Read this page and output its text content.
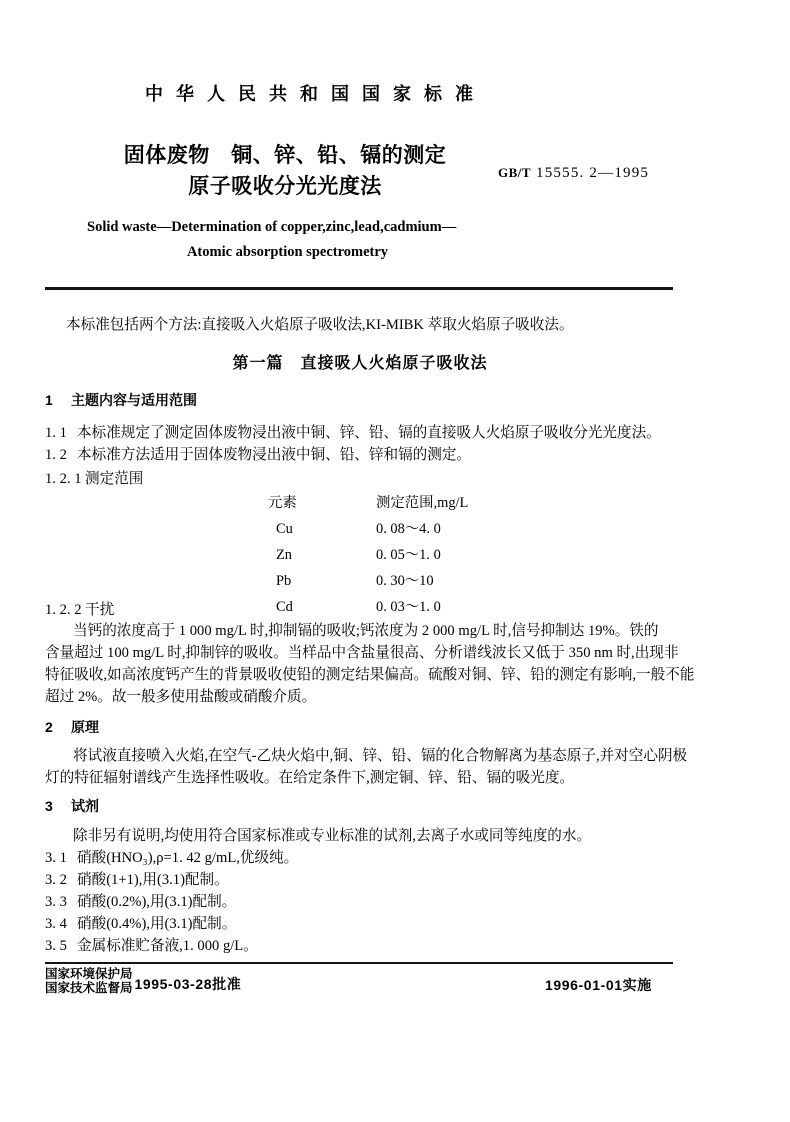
中 华 人 民 共 和 国 国 家 标 准
固体废物　铜、锌、铅、镉的测定
原子吸收分光光度法
GB/T 15555. 2—1995
Solid waste—Determination of copper,zinc,lead,cadmium—
Atomic absorption spectrometry
本标准包括两个方法:直接吸入火焰原子吸收法,KI-MIBK 萃取火焰原子吸收法。
第一篇　直接吸人火焰原子吸收法
1 主题内容与适用范围
1. 1 本标准规定了测定固体废物浸出液中铜、锌、铅、镉的直接吸人火焰原子吸收分光光度法。
1. 2 本标准方法适用于固体废物浸出液中铜、铅、锌和镉的测定。
1. 2. 1 测定范围
元素	测定范围,mg/L
Cu	0. 08～4. 0
Zn	0. 05～1. 0
Pb	0. 30～10
Cd	0. 03～1. 0
1. 2. 2 干扰
当钙的浓度高于 1 000 mg/L 时,抑制镉的吸收;钙浓度为 2 000 mg/L 时,信号抑制达 19%。铁的
含量超过 100 mg/L 时,抑制锌的吸收。当样品中含盐量很高、分析谱线波长又低于 350 nm 时,出现非
特征吸收,如高浓度钙产生的背景吸收使铅的测定结果偏高。硫酸对铜、锌、铅的测定有影响,一般不能
超过 2%。故一般多使用盐酸或硝酸介质。
2 原理
将试液直接喷入火焰,在空气-乙炔火焰中,铜、锌、铅、镉的化合物解离为基态原子,并对空心阴极
灯的特征辐射谱线产生选择性吸收。在给定条件下,测定铜、锌、铅、镉的吸光度。
3 试剂
除非另有说明,均使用符合国家标准或专业标准的试剂,去离子水或同等纯度的水。
3. 1 硝酸(HNO₃),ρ=1. 42 g/mL,优级纯。
3. 2 硝酸(1+1),用(3.1)配制。
3. 3 硝酸(0.2%),用(3.1)配制。
3. 4 硝酸(0.4%),用(3.1)配制。
3. 5 金属标准贮备液,1. 000 g/L。
国家环境保护局
国家技术监督局 1995-03-28批准	1996-01-01实施
